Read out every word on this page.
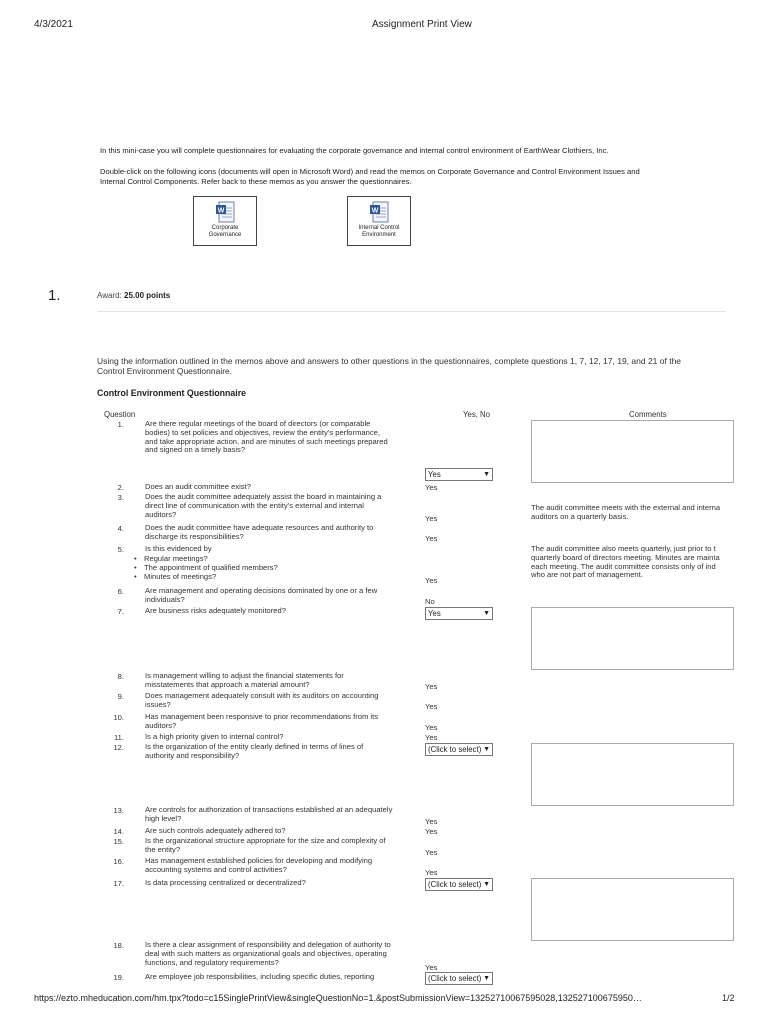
4/3/2021	Assignment Print View
In this mini-case you will complete questionnaires for evaluating the corporate governance and internal control environment of EarthWear Clothiers, Inc.
Double-click on the following icons (documents will open in Microsoft Word) and read the memos on Corporate Governance and Control Environment Issues and
Internal Control Components. Refer back to these memos as you answer the questionnaires.
W
Corporate
Governance
W
Internal Control
Environment
1.	Award: 25.00 points
Using the information outlined in the memos above and answers to other questions in the questionnaires, complete questions 1, 7, 12, 17, 19, and 21 of the
Control Environment Questionnaire.
Control Environment Questionnaire
Question	Yes, No	Comments
1.	Are there regular meetings of the board of directors (or comparable
bodies) to set policies and objectives, review the entity’s performance,
and take appropriate action, and are minutes of such meetings prepared
and signed on a timely basis?
Yes	▼
2.	Does an audit committee exist?	Yes
3.	Does the audit committee adequately assist the board in maintaining a
direct line of communication with the entity’s external and internal
auditors?	Yes
The audit committee meets with the external and interna
auditors on a quarterly basis.
4.	Does the audit committee have adequate resources and authority to
discharge its responsibilities?	Yes
5.	Is this evidenced by
• Regular meetings?
• The appointment of qualified members?
• Minutes of meetings?	Yes
The audit committee also meets quarterly, just prior to t
quarterly board of directors meeting. Minutes are mainta
each meeting. The audit committee consists only of ind
who are not part of management.
6.	Are management and operating decisions dominated by one or a few
individuals?	No
7.	Are business risks adequately monitored?	Yes	▼
8.	Is management willing to adjust the financial statements for
misstatements that approach a material amount?	Yes
9.	Does management adequately consult with its auditors on accounting
issues?	Yes
10.	Has management been responsive to prior recommendations from its
auditors?	Yes
11.	Is a high priority given to internal control?	Yes
12.	Is the organization of the entity clearly defined in terms of lines of
authority and responsibility?
(Click to select) ▼
13.	Are controls for authorization of transactions established at an adequately
high level?	Yes
14.	Are such controls adequately adhered to?	Yes
15.	Is the organizational structure appropriate for the size and complexity of
the entity?	Yes
16.	Has management established policies for developing and modifying
accounting systems and control activities?	Yes
17.	Is data processing centralized or decentralized?	(Click to select) ▼
18.	Is there a clear assignment of responsibility and delegation of authority to
deal with such matters as organizational goals and objectives, operating
functions, and regulatory requirements?
Yes
19.	Are employee job responsibilities, including specific duties, reporting	(Click to select) ▼
https://ezto.mheducation.com/hm.tpx?todo=c15SinglePrintView&singleQuestionNo=1.&postSubmissionView=13252710067595028,132527100675950…	1/2
